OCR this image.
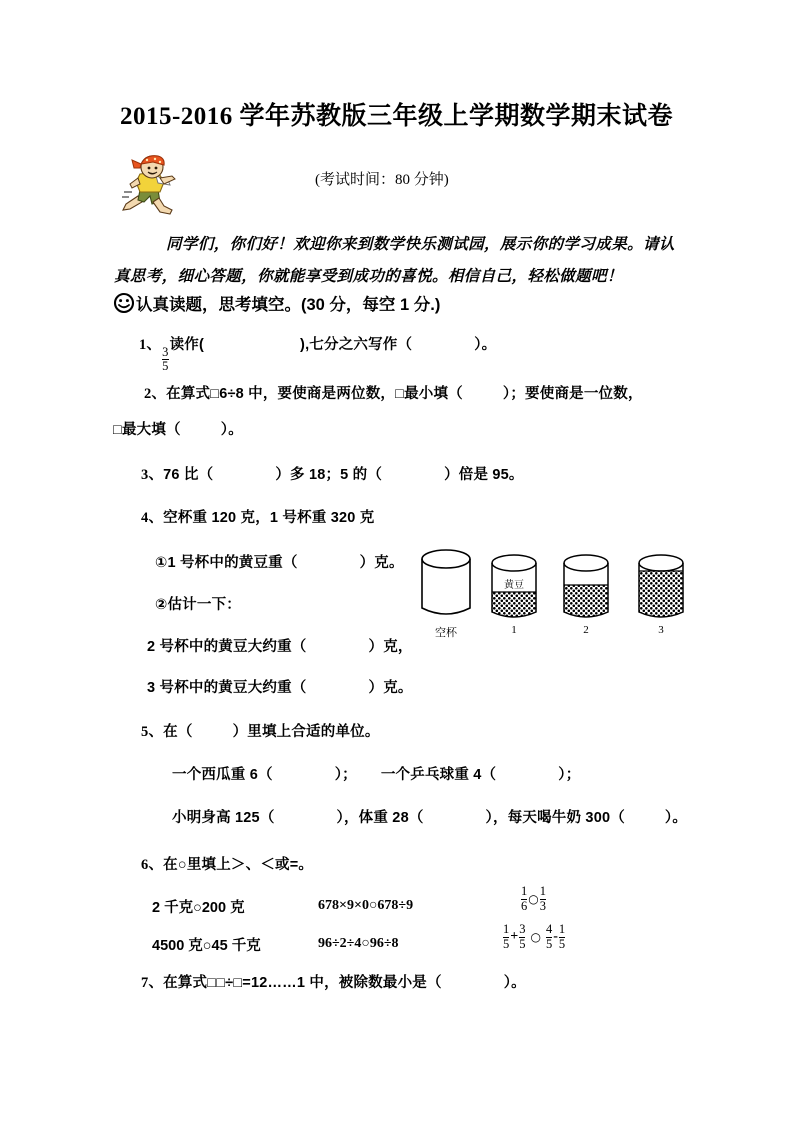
2015-2016 学年苏教版三年级上学期数学期末试卷
(考试时间：80 分钟)
同学们，你们好！欢迎你来到数学快乐测试园，展示你的学习成果。请认真思考，细心答题，你就能享受到成功的喜悦。相信自己，轻松做题吧！
认真读题，思考填空。(30 分，每空 1 分.)
1、
$\frac{3}{5}$
读作(	),七分之六写作（	）。
2、在算式□6÷8 中，要使商是两位数，□最小填（	）；要使商是一位数，
□最大填（	）。
3、76 比（	）多 18；5 的（	）倍是 95。
4、空杯重 120 克，1 号杯重 320 克
①1 号杯中的黄豆重（	）克。
②估计一下：
2 号杯中的黄豆大约重（	）克，
3 号杯中的黄豆大约重（	）克。
空杯
黄豆
1	2	3
5、在（	）里填上合适的单位。
一个西瓜重 6（	）； 一个乒乓球重 4（	）；
小明身高 125（	），体重 28（	），每天喝牛奶 300（	）。
6、在○里填上＞、＜或=。
2 千克○200 克
4500 克○45 千克
678×9×0○678÷9
96÷2÷4○96÷8
$\frac{1}{6}$ ○ $\frac{1}{3}$
$\frac{1}{5} + \frac{3}{5}$ ○ $\frac{4}{5} - \frac{1}{5}$
7、在算式□□÷□=12……1 中，被除数最小是（	）。
